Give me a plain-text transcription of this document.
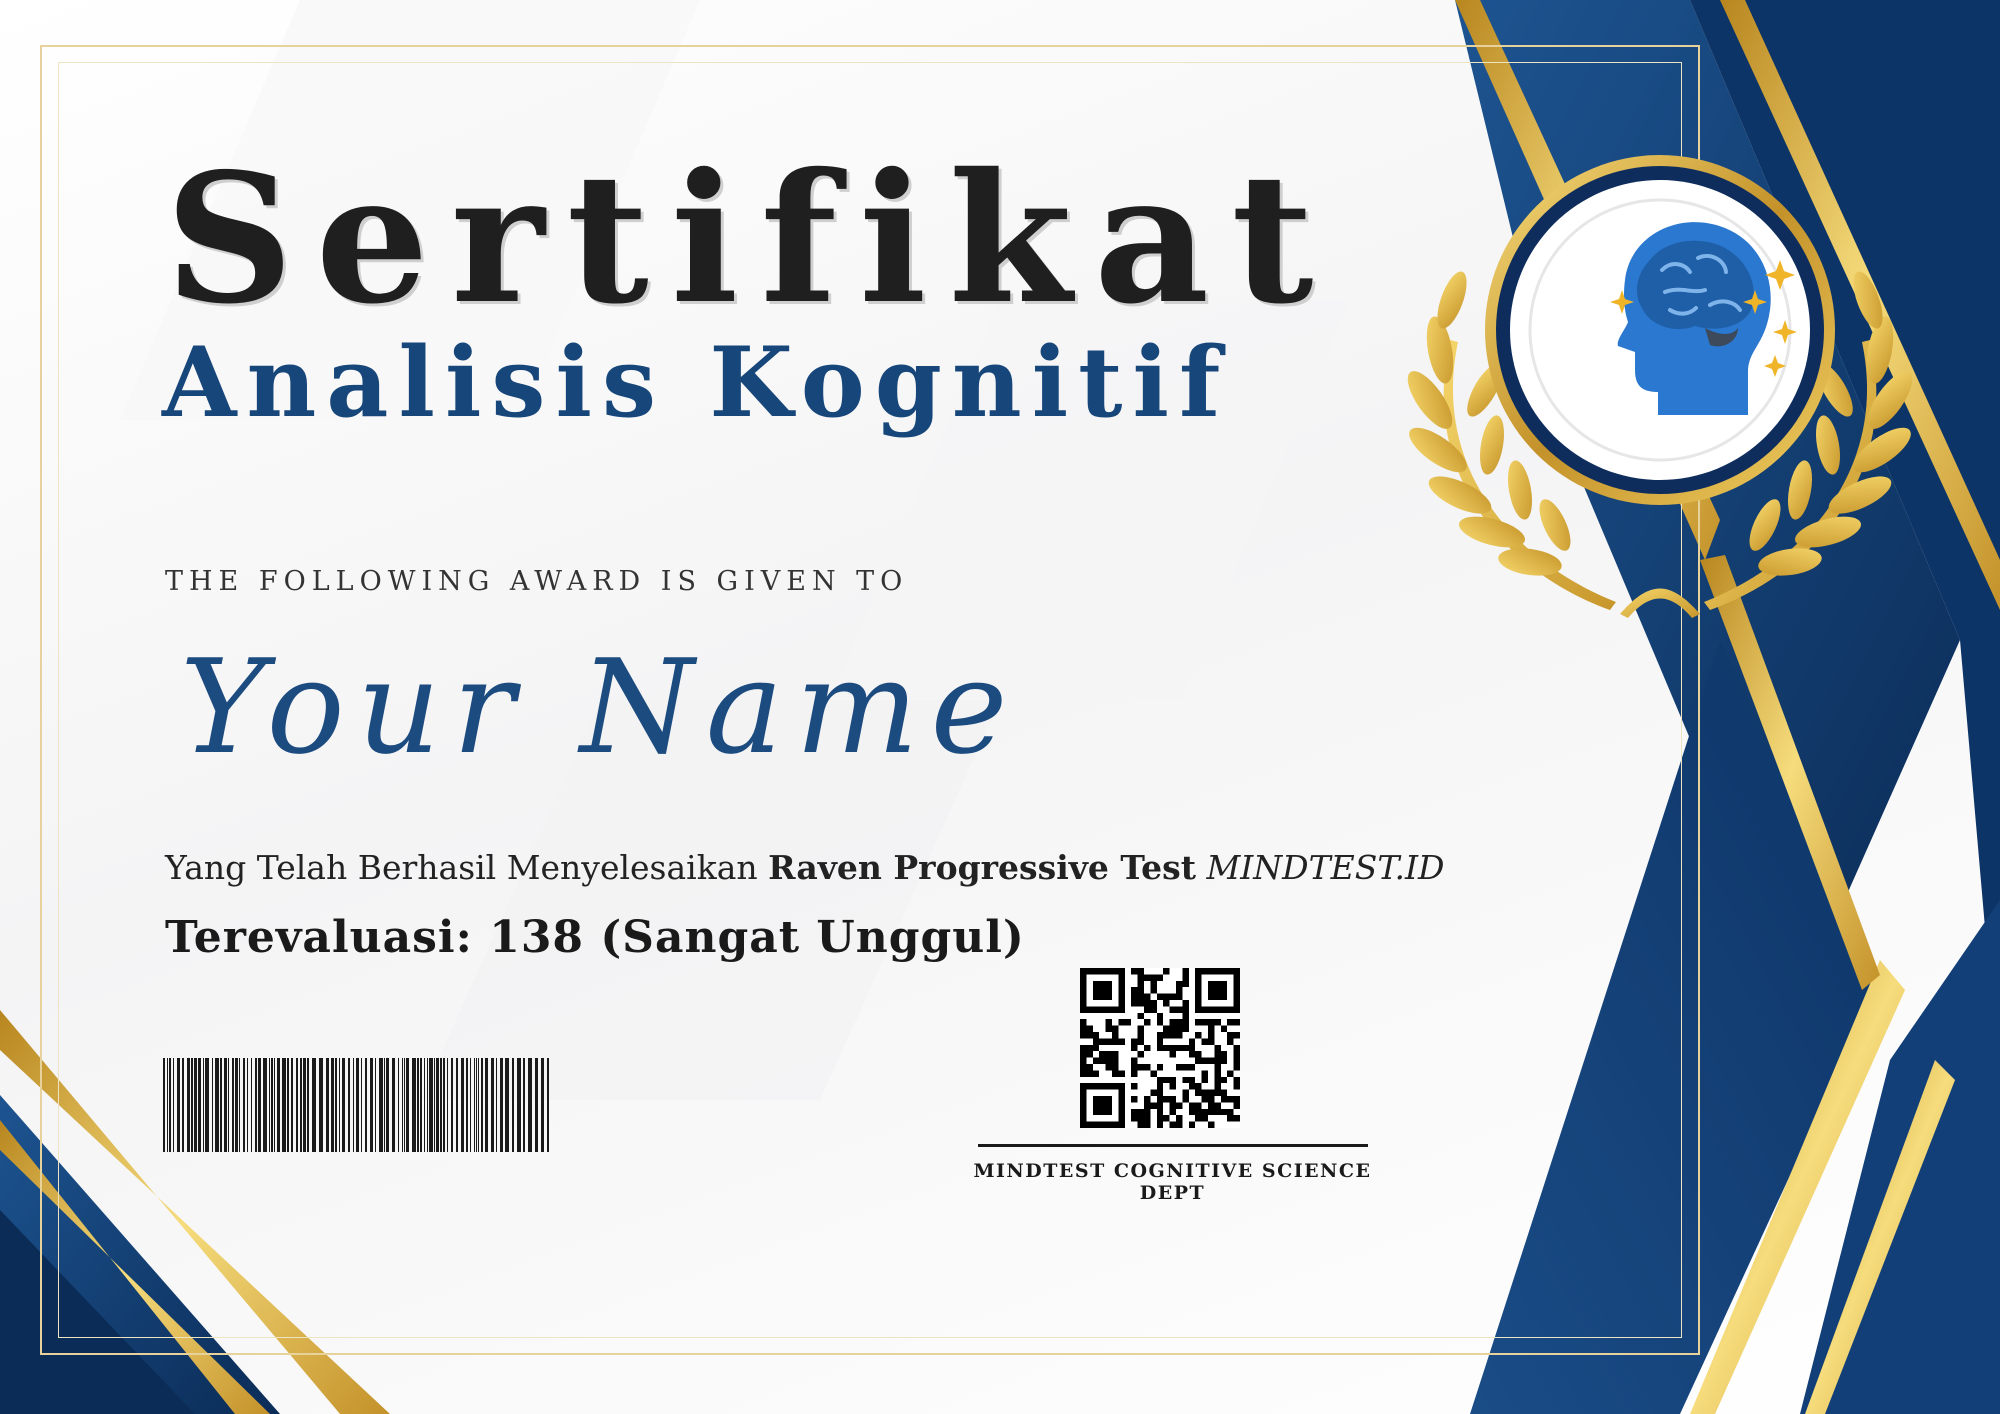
Sertifikat
Analisis Kognitif
THE FOLLOWING AWARD IS GIVEN TO
Your Name
Yang Telah Berhasil Menyelesaikan Raven Progressive Test MINDTEST.ID
Terevaluasi: 138 (Sangat Unggul)
MINDTEST COGNITIVE SCIENCE DEPT
